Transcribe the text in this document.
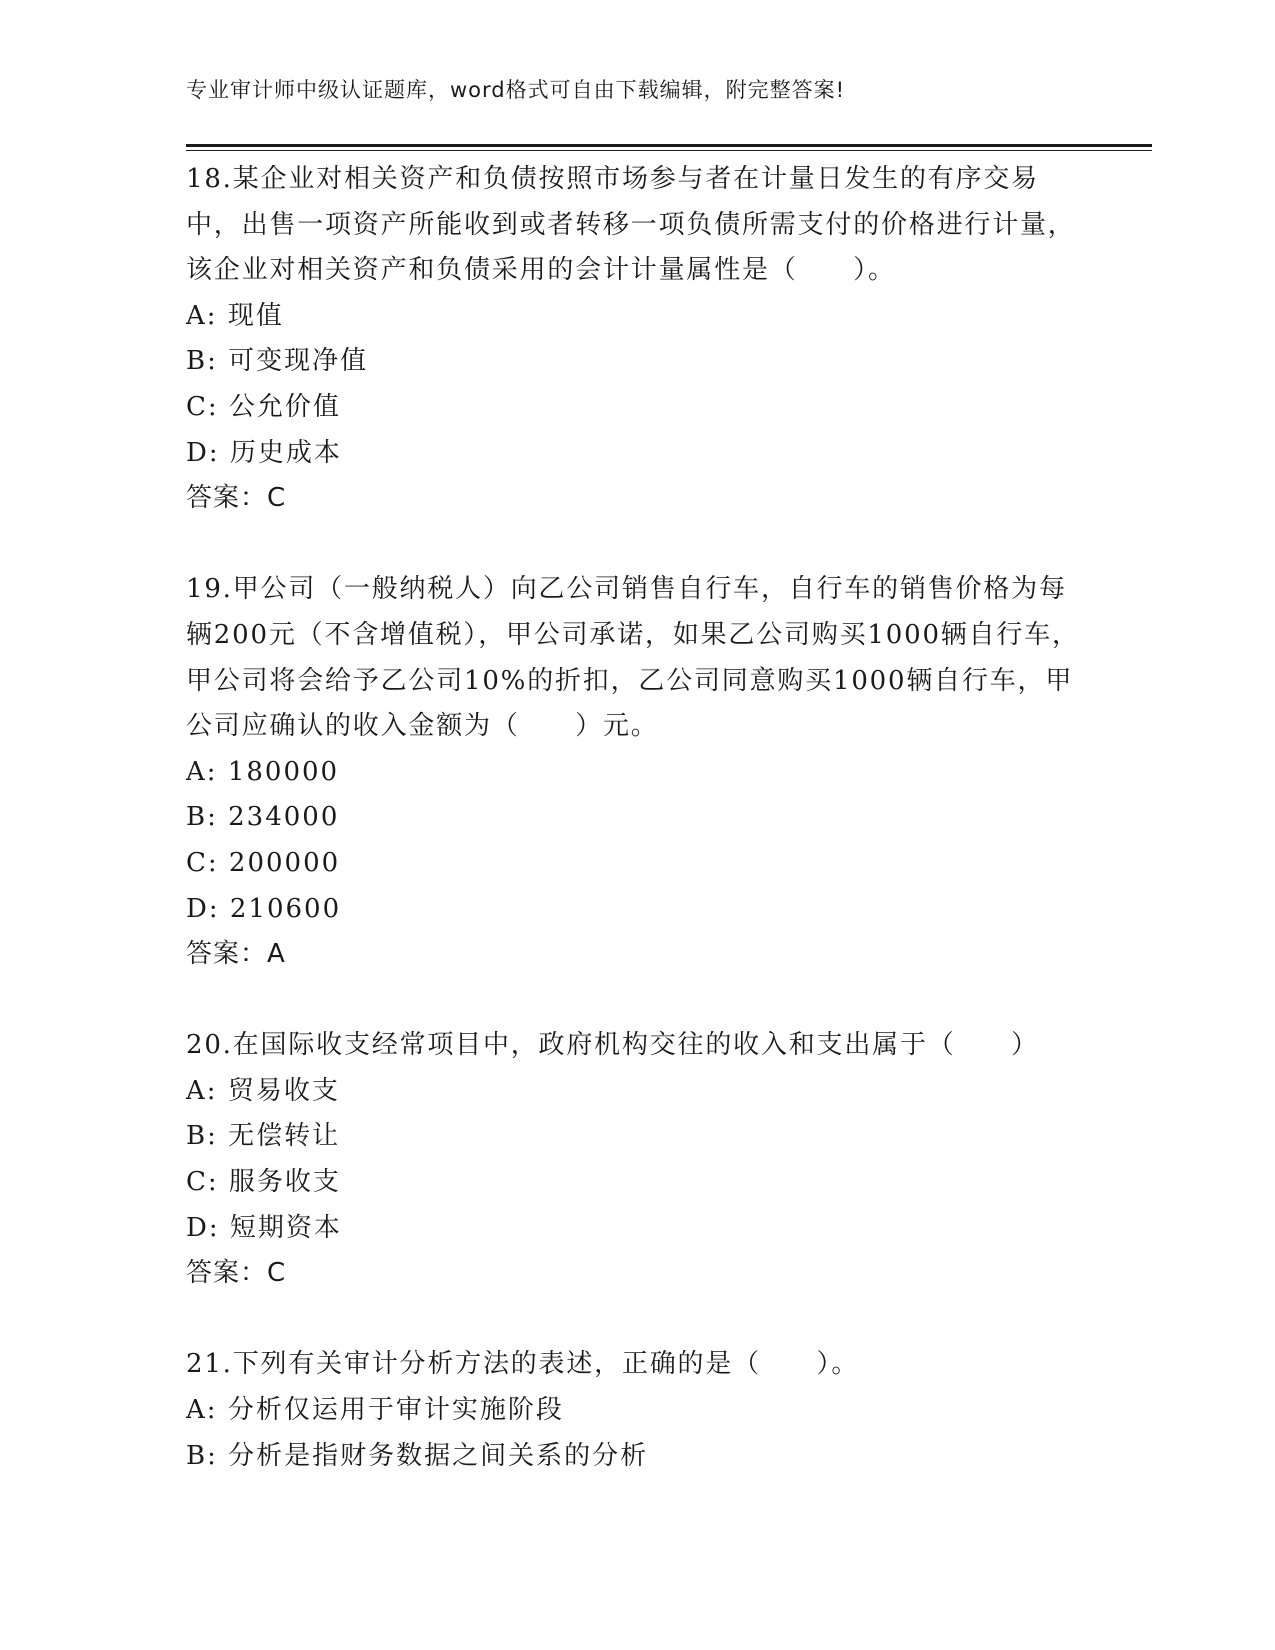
专业审计师中级认证题库，word格式可自由下载编辑，附完整答案!

18.某企业对相关资产和负债按照市场参与者在计量日发生的有序交易中，出售一项资产所能收到或者转移一项负债所需支付的价格进行计量，该企业对相关资产和负债采用的会计计量属性是（　　）。

A: 现值

B: 可变现净值

C: 公允价值

D: 历史成本

答案：C

19.甲公司（一般纳税人）向乙公司销售自行车，自行车的销售价格为每辆200元（不含增值税），甲公司承诺，如果乙公司购买1000辆自行车，甲公司将会给予乙公司10%的折扣，乙公司同意购买1000辆自行车，甲公司应确认的收入金额为（　　）元。

A: 180000

B: 234000

C: 200000

D: 210600

答案：A

20.在国际收支经常项目中，政府机构交往的收入和支出属于（　　）

A: 贸易收支

B: 无偿转让

C: 服务收支

D: 短期资本

答案：C

21.下列有关审计分析方法的表述，正确的是（　　）。

A: 分析仅运用于审计实施阶段

B: 分析是指财务数据之间关系的分析
